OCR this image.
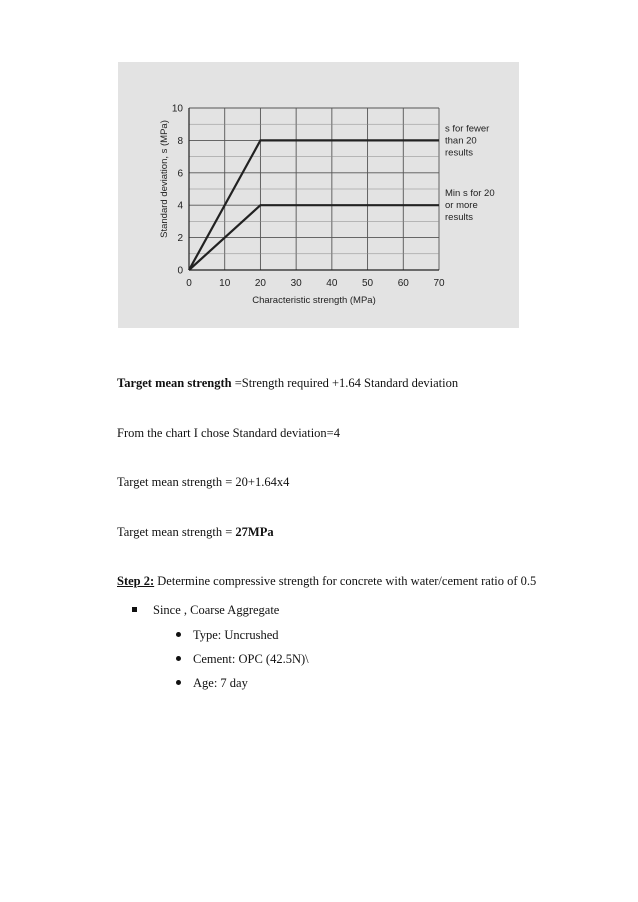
0	10 20 30 40 50 60 70
0
2
4
6
8
10
Characteristic strength (MPa)
Standard deviation, s (MPa)	s for fewer
than 20
results
Min s for 20
or more
results
Target mean strength =Strength required +1.64 Standard deviation
From the chart I chose Standard deviation=4
Target mean strength = 20+1.64x4
Target mean strength = 27MPa
Step 2: Determine compressive strength for concrete with water/cement ratio of 0.5
Since , Coarse Aggregate
Type: Uncrushed
Cement: OPC (42.5N)\
Age: 7 day
